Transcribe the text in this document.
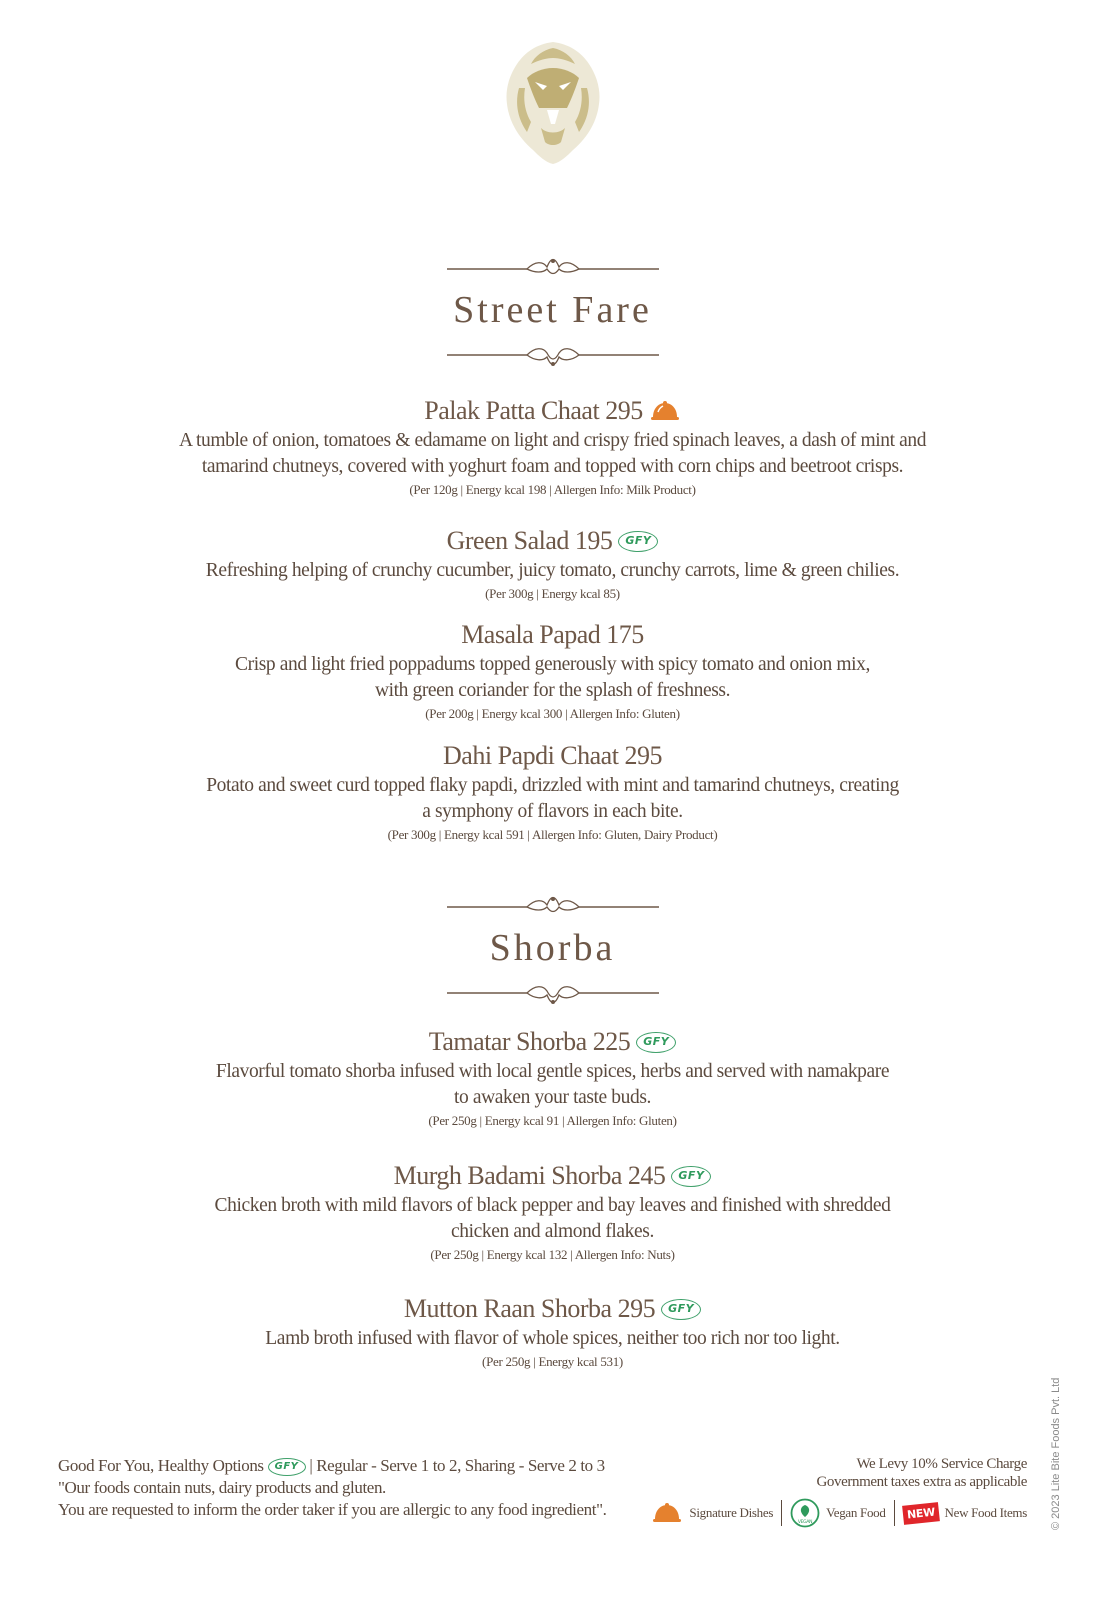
Street Fare
Palak Patta Chaat 295
A tumble of onion, tomatoes & edamame on light and crispy fried spinach leaves, a dash of mint and
tamarind chutneys, covered with yoghurt foam and topped with corn chips and beetroot crisps.
(Per 120g | Energy kcal 198 | Allergen Info: Milk Product)
Green Salad 195	GFY
Refreshing helping of crunchy cucumber, juicy tomato, crunchy carrots, lime & green chilies.
(Per 300g | Energy kcal 85)
Masala Papad 175
Crisp and light fried poppadums topped generously with spicy tomato and onion mix,
with green coriander for the splash of freshness.
(Per 200g | Energy kcal 300 | Allergen Info: Gluten)
Dahi Papdi Chaat 295
Potato and sweet curd topped flaky papdi, drizzled with mint and tamarind chutneys, creating
a symphony of flavors in each bite.
(Per 300g | Energy kcal 591 | Allergen Info: Gluten, Dairy Product)
Shorba
Tamatar Shorba 225	GFY
Flavorful tomato shorba infused with local gentle spices, herbs and served with namakpare
to awaken your taste buds.
(Per 250g | Energy kcal 91 | Allergen Info: Gluten)
Murgh Badami Shorba 245	GFY
Chicken broth with mild flavors of black pepper and bay leaves and finished with shredded
chicken and almond flakes.
(Per 250g | Energy kcal 132 | Allergen Info: Nuts)
Mutton Raan Shorba 295	GFY
Lamb broth infused with flavor of whole spices, neither too rich nor too light.
(Per 250g | Energy kcal 531)
Good For You, Healthy Options GFY | Regular - Serve 1 to 2, Sharing - Serve 2 to 3
"Our foods contain nuts, dairy products and gluten.
You are requested to inform the order taker if you are allergic to any food ingredient".
We Levy 10% Service Charge
Government taxes extra as applicable
Signature Dishes
VEGAN
Vegan Food	NEW New Food Items © 2023 Lite Bite Foods Pvt. Ltd
